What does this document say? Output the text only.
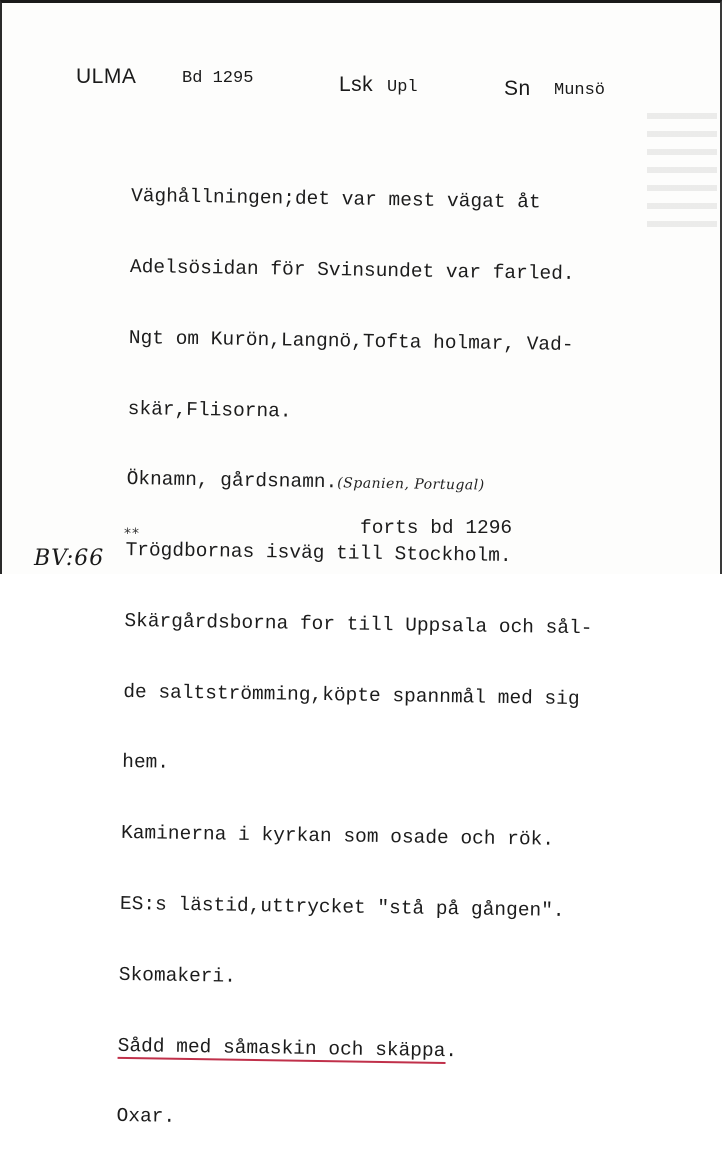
ULMA	Bd 1295	Lsk Upl	Sn Munsö

Väghållningen;det var mest vägat åt

Adelsösidan för Svinsundet var farled.

Ngt om Kurön,Langnö,Tofta holmar, Vad-

skär,Flisorna.

Öknamn, gårdsnamn.(Spanien, Portugal)

Trögdbornas isväg till Stockholm.

Skärgårdsborna for till Uppsala och sål-

de saltströmming,köpte spannmål med sig

hem.

Kaminerna i kyrkan som osade och rök.

ES:s lästid,uttrycket "stå på gången".

Skomakeri.

Sådd med såmaskin och skäppa.

Oxar.

**	forts bd 1296
BV:66
